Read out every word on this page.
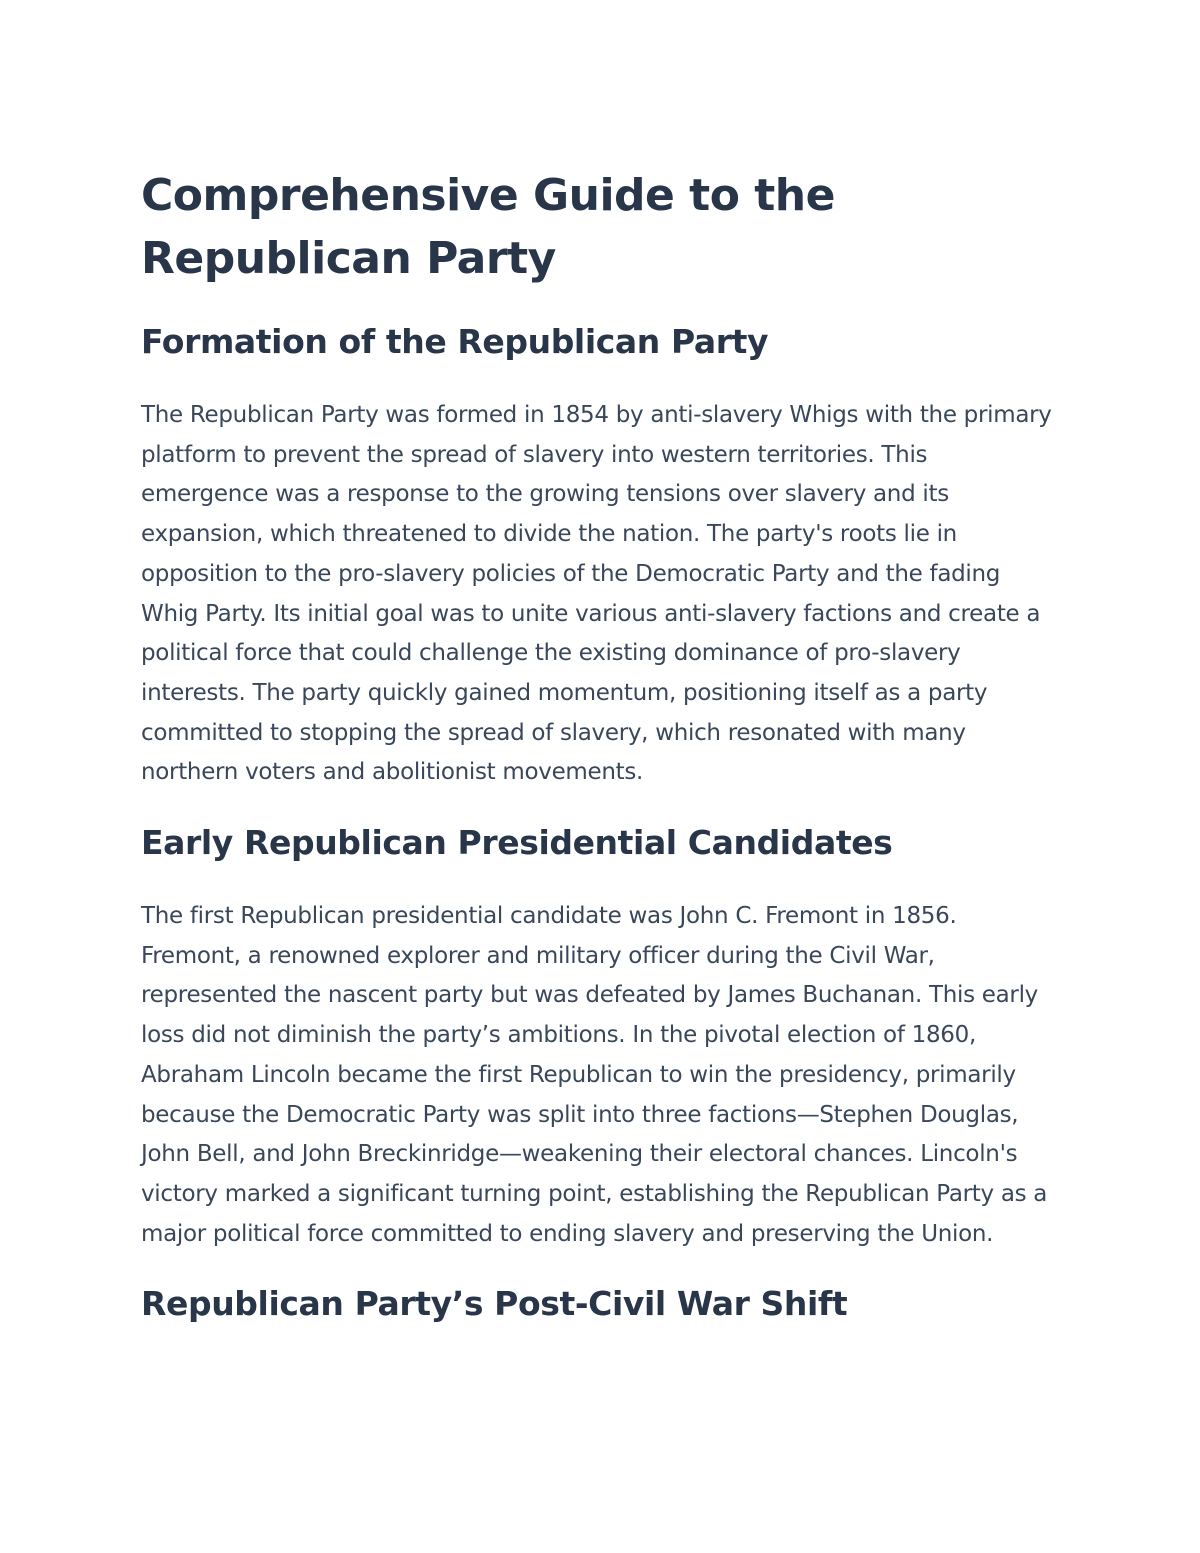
Comprehensive Guide to the Republican Party
Formation of the Republican Party

The Republican Party was formed in 1854 by anti-slavery Whigs with the primary platform to prevent the spread of slavery into western territories. This emergence was a response to the growing tensions over slavery and its expansion, which threatened to divide the nation. The party's roots lie in opposition to the pro-slavery policies of the Democratic Party and the fading Whig Party. Its initial goal was to unite various anti-slavery factions and create a political force that could challenge the existing dominance of pro-slavery interests. The party quickly gained momentum, positioning itself as a party committed to stopping the spread of slavery, which resonated with many northern voters and abolitionist movements.

Early Republican Presidential Candidates

The first Republican presidential candidate was John C. Fremont in 1856. Fremont, a renowned explorer and military officer during the Civil War, represented the nascent party but was defeated by James Buchanan. This early loss did not diminish the party’s ambitions. In the pivotal election of 1860, Abraham Lincoln became the first Republican to win the presidency, primarily because the Democratic Party was split into three factions—Stephen Douglas, John Bell, and John Breckinridge—weakening their electoral chances. Lincoln's victory marked a significant turning point, establishing the Republican Party as a major political force committed to ending slavery and preserving the Union.

Republican Party’s Post-Civil War Shift
